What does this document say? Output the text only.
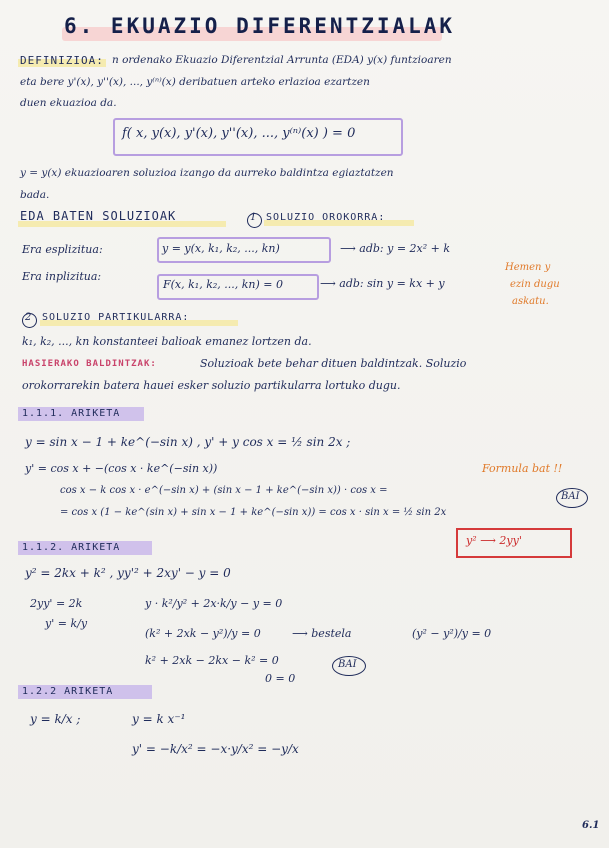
6. EKUAZIO DIFERENTZIALAK
DEFINIZIOA: n ordenako Ekuazio Diferentzial Arrunta (EDA) y(x) funtzioaren
eta bere y'(x), y''(x), ..., y⁽ⁿ⁾(x) deribatuen arteko erlazioa ezartzen
duen ekuazioa da.
f( x, y(x), y'(x), y''(x), ..., y⁽ⁿ⁾(x) ) = 0
y = y(x) ekuazioaren soluzioa izango da aurreko baldintza egiaztatzen
bada.
EDA BATEN SOLUZIOAK	1 SOLUZIO OROKORRA:
Era esplizitua:	y = y(x, k₁, k₂, ..., kn)	⟶ adb: y = 2x² + k
Era inplizitua:
F(x, k₁, k₂, ..., kn) = 0	⟶ adb: sin y = kx + y
Hemen y
ezin dugu
askatu.
2 SOLUZIO PARTIKULARRA:
k₁, k₂, ..., kn konstanteei balioak emanez lortzen da.
HASIERAKO BALDINTZAK:	Soluzioak bete behar dituen baldintzak. Soluzio
orokorrarekin batera hauei esker soluzio partikularra lortuko dugu.
1.1.1. ARIKETA
y = sin x − 1 + ke^(−sin x) , y' + y cos x = ½ sin 2x ;
y' = cos x + −(cos x · ke^(−sin x))	Formula bat !!
cos x − k cos x · e^(−sin x) + (sin x − 1 + ke^(−sin x)) · cos x =
= cos x (1 − ke^(sin x) + sin x − 1 + ke^(−sin x)) = cos x · sin x = ½ sin 2x
BAI
1.1.2. ARIKETA
y² ⟶ 2yy'
y² = 2kx + k² , yy'² + 2xy' − y = 0
2yy' = 2k
y' = k/y
y · k²/y² + 2x·k/y − y = 0
(k² + 2xk − y²)/y = 0	⟶ bestela	(y² − y²)/y = 0
k² + 2xk − 2kx − k² = 0
0 = 0
BAI
1.2.2 ARIKETA
y = k/x ;	y = k x⁻¹
y' = −k/x² = −x·y/x² = −y/x
6.1
